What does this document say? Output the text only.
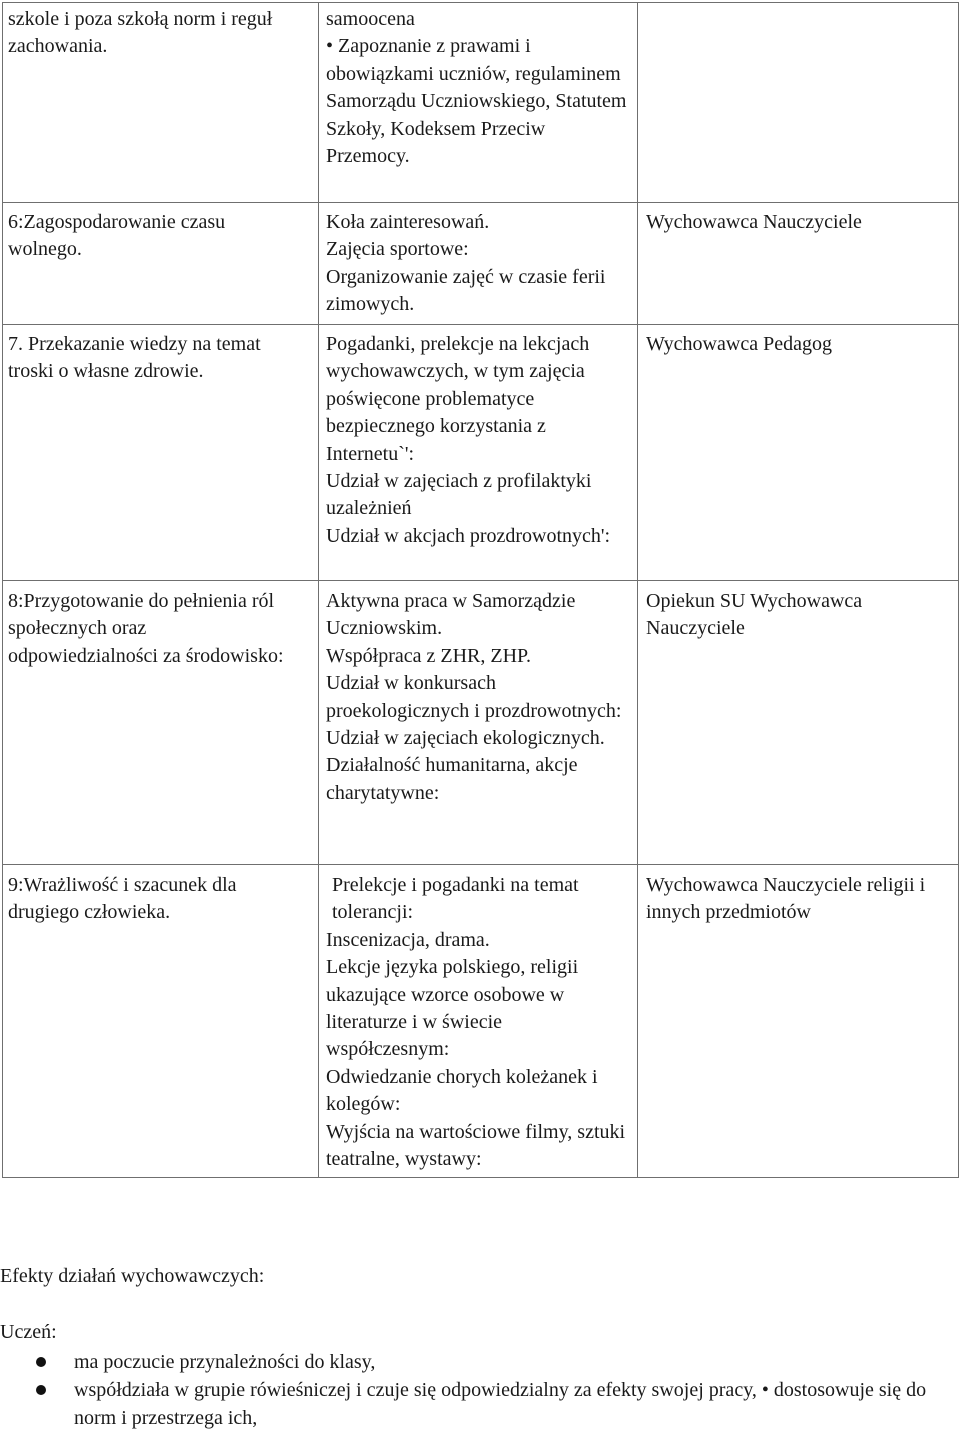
szkole i poza szkołą norm i reguł zachowania.

samoocena

• Zapoznanie z prawami i obowiązkami uczniów, regulaminem Samorządu Uczniowskiego, Statutem Szkoły, Kodeksem Przeciw Przemocy.

6:Zagospodarowanie czasu wolnego.

Koła zainteresowań.

Zajęcia sportowe:

Organizowanie zajęć w czasie ferii zimowych.

Wychowawca Nauczyciele
7. Przekazanie wiedzy na temat troski o własne zdrowie.

Pogadanki, prelekcje na lekcjach wychowawczych, w tym zajęcia poświęcone problematyce bezpiecznego korzystania z Internetu`':

Udział w zajęciach z profilaktyki uzależnień

Udział w akcjach prozdrowotnych':

Wychowawca Pedagog
8:Przygotowanie do pełnienia ról społecznych oraz odpowiedzialności za środowisko:

Aktywna praca w Samorządzie Uczniowskim.

Współpraca z ZHR, ZHP.

Udział w konkursach proekologicznych i prozdrowotnych:

Udział w zajęciach ekologicznych.

Działalność humanitarna, akcje charytatywne:

Opiekun SU Wychowawca Nauczyciele
9:Wrażliwość i szacunek dla drugiego człowieka.

Prelekcje i pogadanki na temat tolerancji:

Inscenizacja, drama.

Lekcje języka polskiego, religii ukazujące wzorce osobowe w literaturze i w świecie współczesnym:

Odwiedzanie chorych koleżanek i kolegów:

Wyjścia na wartościowe filmy, sztuki teatralne, wystawy:

Wychowawca Nauczyciele religii i innych przedmiotów
Efekty działań wychowawczych:
Uczeń:
ma poczucie przynależności do klasy,
współdziała w grupie rówieśniczej i czuje się odpowiedzialny za efekty swojej pracy, • dostosowuje się do norm i przestrzega ich,
